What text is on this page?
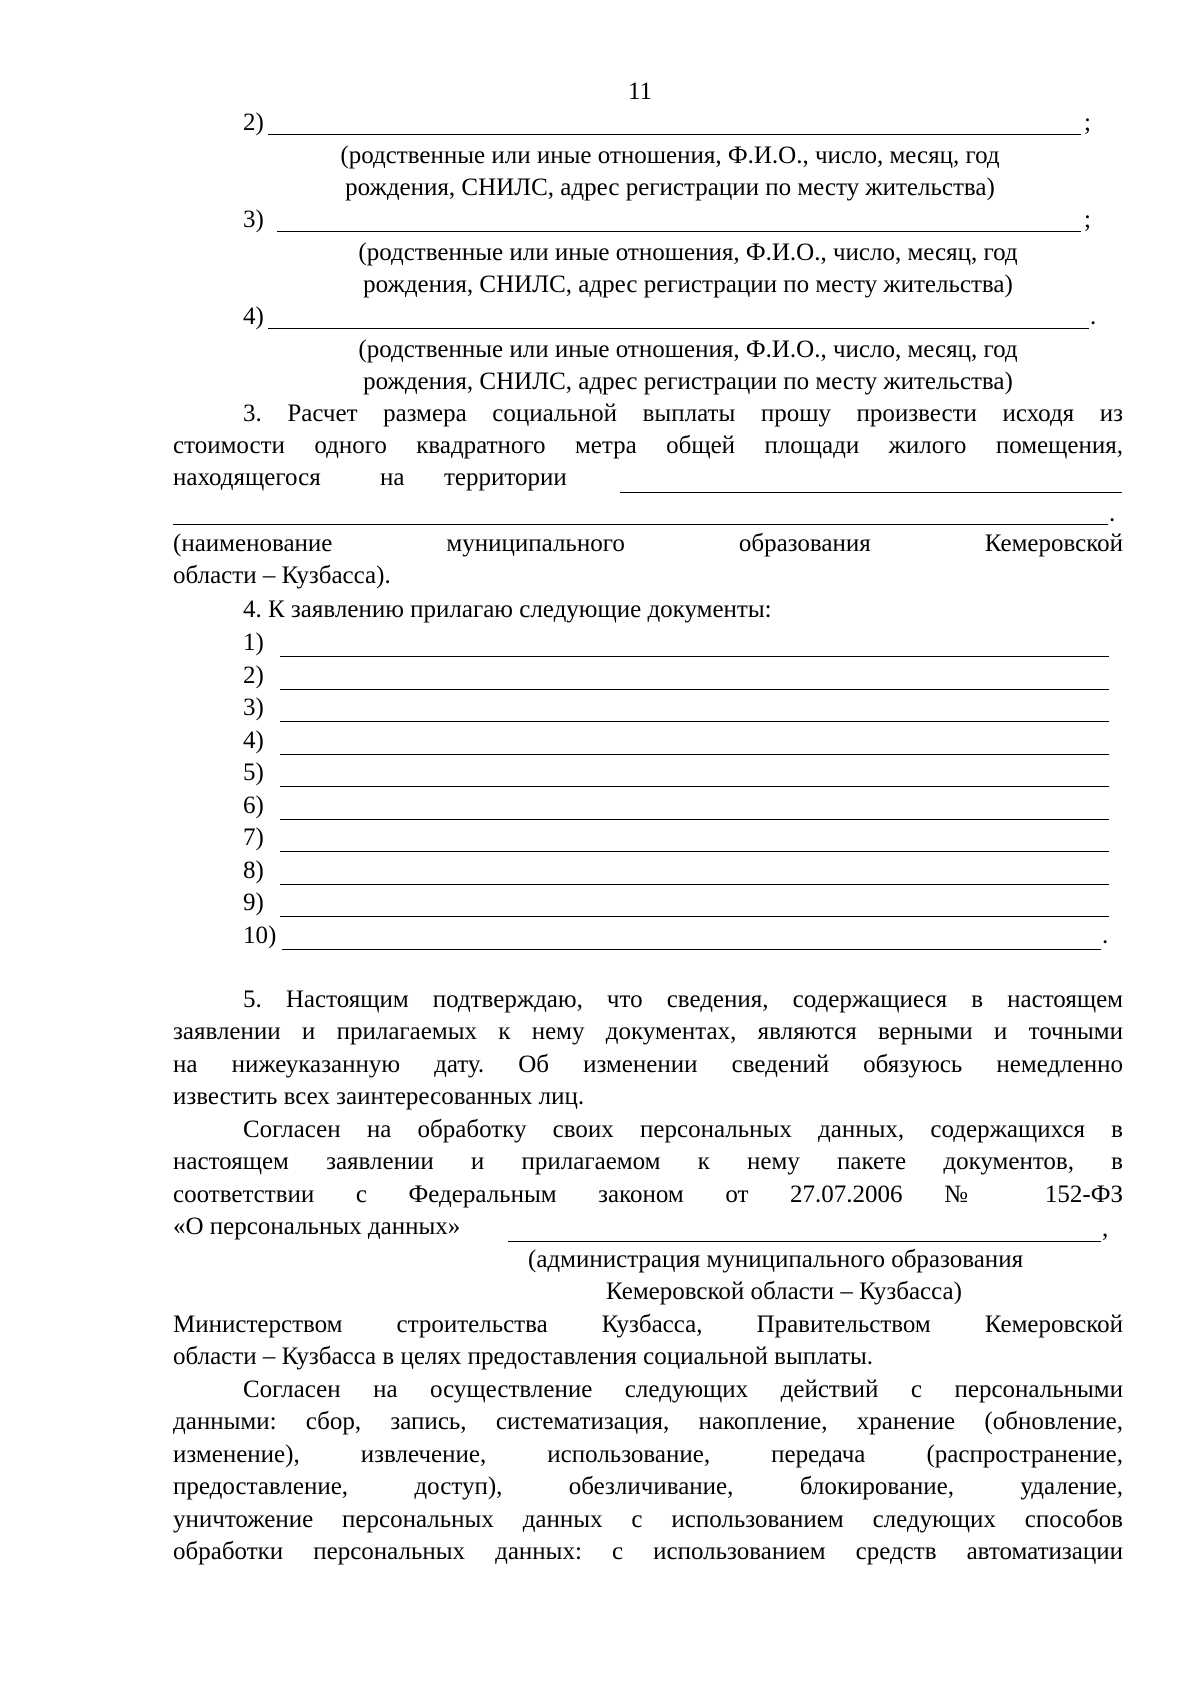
11
2)	;
(родственные или иные отношения, Ф.И.О., число, месяц, год
рождения, СНИЛС, адрес регистрации по месту жительства)
3)	;
(родственные или иные отношения, Ф.И.О., число, месяц, год
рождения, СНИЛС, адрес регистрации по месту жительства)
4)	.
(родственные или иные отношения, Ф.И.О., число, месяц, год
рождения, СНИЛС, адрес регистрации по месту жительства)
3. Расчет размера социальной выплаты прошу произвести исходя из
стоимости одного квадратного метра общей площади жилого помещения,
находящегося на территории
.
(наименование муниципального образования Кемеровской
области – Кузбасса).
4. К заявлению прилагаю следующие документы:
1)
2)
3)
4)
5)
6)
7)
8)
9)
10)	.
5. Настоящим подтверждаю, что сведения, содержащиеся в настоящем
заявлении и прилагаемых к нему документах, являются верными и точными
на нижеуказанную дату. Об изменении сведений обязуюсь немедленно
известить всех заинтересованных лиц.
Согласен на обработку своих персональных данных, содержащихся в
настоящем заявлении и прилагаемом к нему пакете документов, в
соответствии с Федеральным законом от 27.07.2006 № 152-ФЗ
«О персональных данных»	,
(администрация муниципального образования
Кемеровской области – Кузбасса)
Министерством строительства Кузбасса, Правительством Кемеровской
области – Кузбасса в целях предоставления социальной выплаты.
Согласен на осуществление следующих действий с персональными
данными: сбор, запись, систематизация, накопление, хранение (обновление,
изменение), извлечение, использование, передача (распространение,
предоставление, доступ), обезличивание, блокирование, удаление,
уничтожение персональных данных с использованием следующих способов
обработки персональных данных: с использованием средств автоматизации
